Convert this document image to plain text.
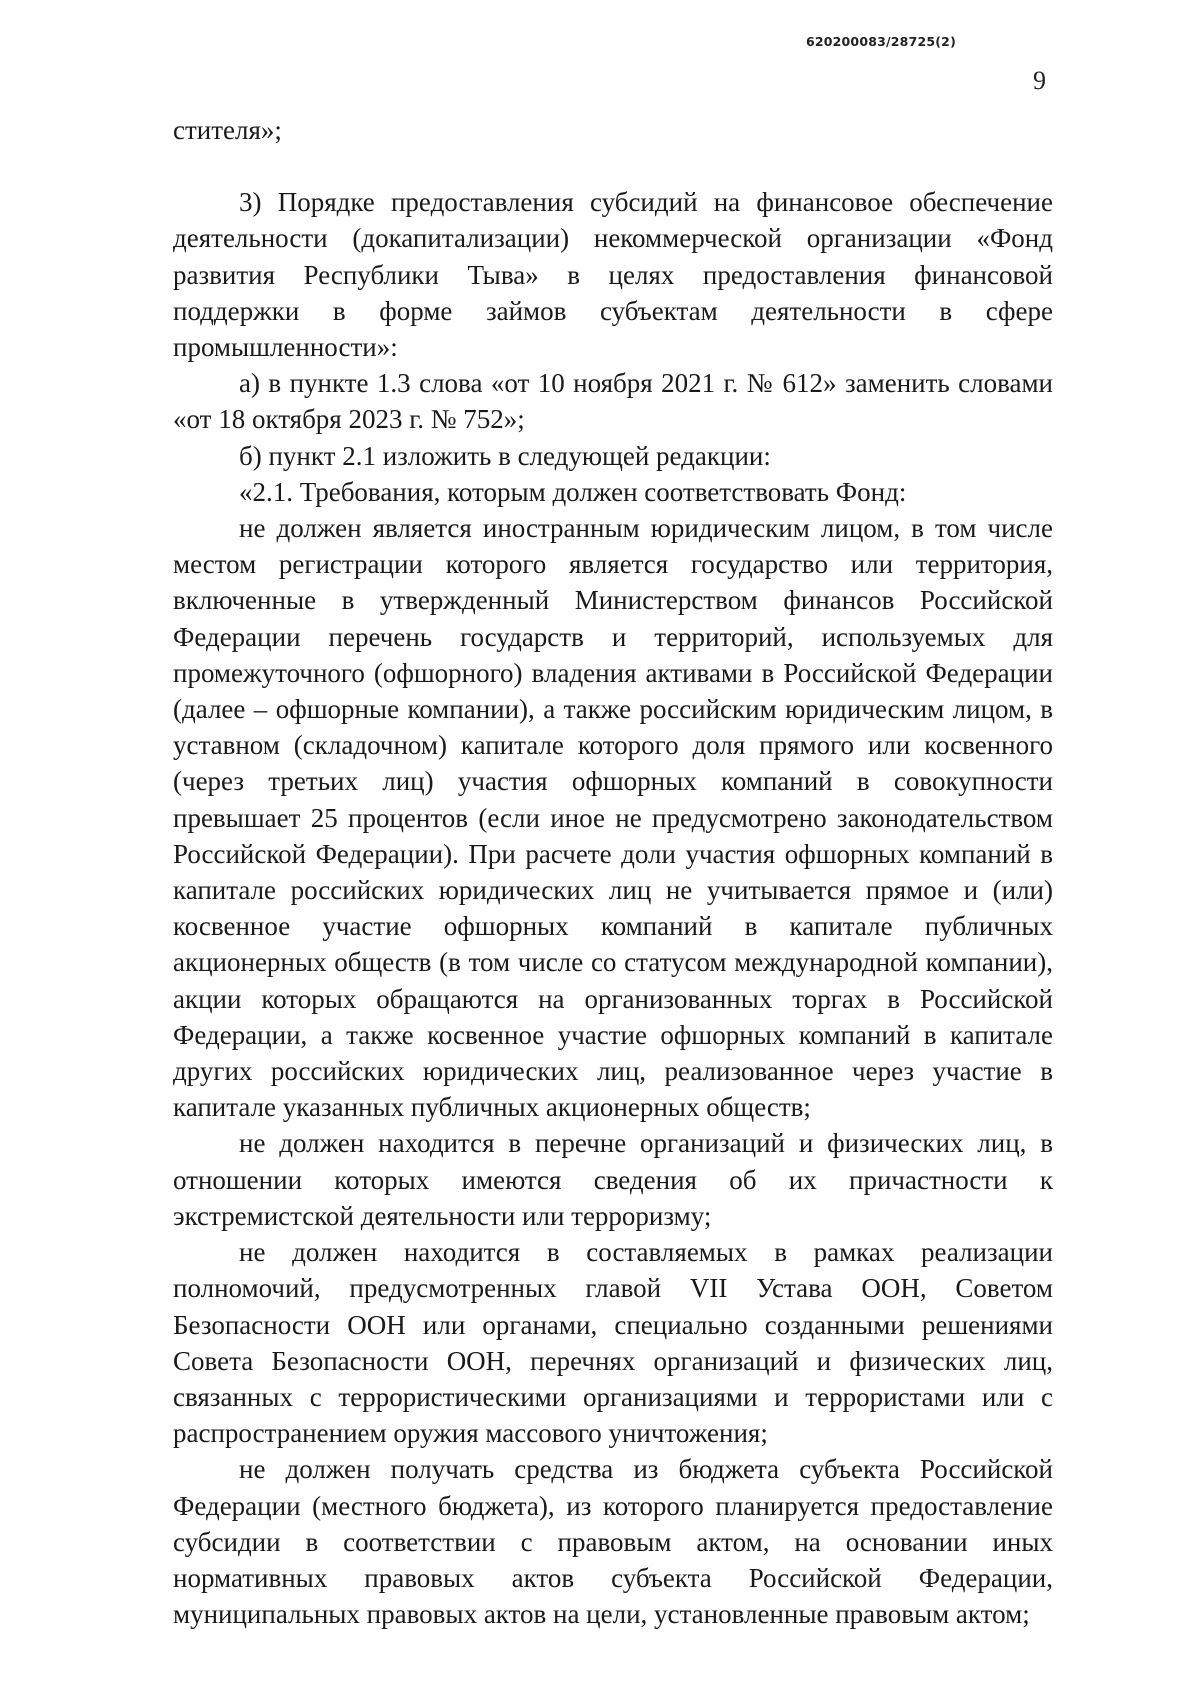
620200083/28725(2)
9

стителя»;

3) Порядке предоставления субсидий на финансовое обеспечение деятельности (докапитализации) некоммерческой организации «Фонд развития Республики Тыва» в целях предоставления финансовой поддержки в форме займов субъектам деятельности в сфере промышленности»:

а) в пункте 1.3 слова «от 10 ноября 2021 г. № 612» заменить словами «от 18 октября 2023 г. № 752»;

б) пункт 2.1 изложить в следующей редакции:

«2.1. Требования, которым должен соответствовать Фонд:

не должен является иностранным юридическим лицом, в том числе местом регистрации которого является государство или территория, включенные в утвержденный Министерством финансов Российской Федерации перечень государств и территорий, используемых для промежуточного (офшорного) владения активами в Российской Федерации (далее – офшорные компании), а также российским юридическим лицом, в уставном (складочном) капитале которого доля прямого или косвенного (через третьих лиц) участия офшорных компаний в совокупности превышает 25 процентов (если иное не предусмотрено законодательством Российской Федерации). При расчете доли участия офшорных компаний в капитале российских юридических лиц не учитывается прямое и (или) косвенное участие офшорных компаний в капитале публичных акционерных обществ (в том числе со статусом международной компании), акции которых обращаются на организованных торгах в Российской Федерации, а также косвенное участие офшорных компаний в капитале других российских юридических лиц, реализованное через участие в капитале указанных публичных акционерных обществ;

не должен находится в перечне организаций и физических лиц, в отношении которых имеются сведения об их причастности к экстремистской деятельности или терроризму;

не должен находится в составляемых в рамках реализации полномочий, предусмотренных главой VII Устава ООН, Советом Безопасности ООН или органами, специально созданными решениями Совета Безопасности ООН, перечнях организаций и физических лиц, связанных с террористическими организациями и террористами или с распространением оружия массового уничтожения;

не должен получать средства из бюджета субъекта Российской Федерации (местного бюджета), из которого планируется предоставление субсидии в соответствии с правовым актом, на основании иных нормативных правовых актов субъекта Российской Федерации, муниципальных правовых актов на цели, установленные правовым актом;
